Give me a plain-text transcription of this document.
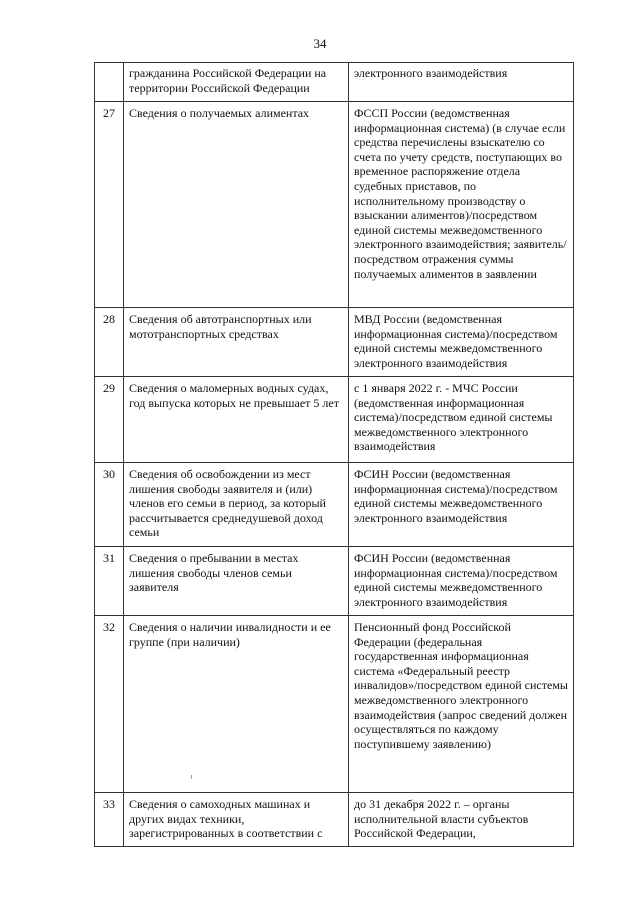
34
	гражданина Российской Федерации на территории Российской Федерации	электронного взаимодействия
27	Сведения о получаемых алиментах	ФССП России (ведомственная информационная система) (в случае если средства перечислены взыскателю со счета по учету средств, поступающих во временное распоряжение отдела судебных приставов, по исполнительному производству о взыскании алиментов)/посредством единой системы межведомственного электронного взаимодействия; заявитель/посредством отражения суммы получаемых алиментов в заявлении
28	Сведения об автотранспортных или мототранспортных средствах	МВД России (ведомственная информационная система)/посредством единой системы межведомственного электронного взаимодействия
29	Сведения о маломерных водных судах, год выпуска которых не превышает 5 лет	с 1 января 2022 г. - МЧС России (ведомственная информационная система)/посредством единой системы межведомственного электронного взаимодействия
30	Сведения об освобождении из мест лишения свободы заявителя и (или) членов его семьи в период, за который рассчитывается среднедушевой доход семьи	ФСИН России (ведомственная информационная система)/посредством единой системы межведомственного электронного взаимодействия
31	Сведения о пребывании в местах лишения свободы членов семьи заявителя	ФСИН России (ведомственная информационная система)/посредством единой системы межведомственного электронного взаимодействия
32	Сведения о наличии инвалидности и ее группе (при наличии)	Пенсионный фонд Российской Федерации (федеральная государственная информационная система «Федеральный реестр инвалидов»/посредством единой системы межведомственного электронного взаимодействия (запрос сведений должен осуществляться по каждому поступившему заявлению)
33	Сведения о самоходных машинах и других видах техники, зарегистрированных в соответствии с	до 31 декабря 2022 г. – органы исполнительной власти субъектов Российской Федерации,
